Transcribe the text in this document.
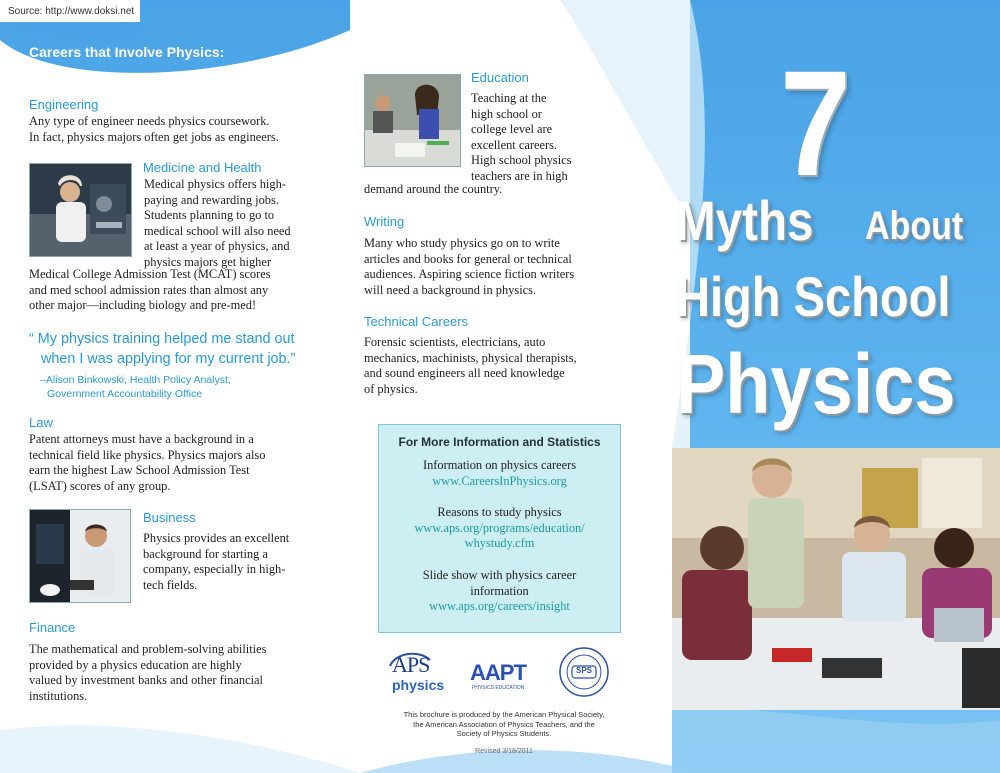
Source: http://www.doksi.net
Careers that Involve Physics:
Engineering
Any type of engineer needs physics coursework.
In fact, physics majors often get jobs as engineers.
Medicine and Health
Medical physics offers high-
paying and rewarding jobs.
Students planning to go to
medical school will also need
at least a year of physics, and
physics majors get higher
Medical College Admission Test (MCAT) scores
and med school admission rates than almost any
other major—including biology and pre-med!
“ My physics training helped me stand out
when I was applying for my current job.”
–Alison Binkowski, Health Policy Analyst,
Government Accountability Office
Law
Patent attorneys must have a background in a
technical field like physics. Physics majors also
earn the highest Law School Admission Test
(LSAT) scores of any group.
Business
Physics provides an excellent
background for starting a
company, especially in high-
tech fields.
Finance
The mathematical and problem-solving abilities
provided by a physics education are highly
valued by investment banks and other financial
institutions.
Education
Teaching at the
high school or
college level are
excellent careers.
High school physics
teachers are in high
demand around the country.
Writing
Many who study physics go on to write
articles and books for general or technical
audiences. Aspiring science fiction writers
will need a background in physics.
Technical Careers
Forensic scientists, electricians, auto
mechanics, machinists, physical therapists,
and sound engineers all need knowledge
of physics.
For More Information and Statistics
Information on physics careers
www.CareersInPhysics.org
Reasons to study physics
www.aps.org/programs/education/
whystudy.cfm
Slide show with physics career
information
www.aps.org/careers/insight
APS
physics AAPT
PHYSICS EDUCATION
SPS
This brochure is produced by the American Physical Society,
the American Association of Physics Teachers, and the
Society of Physics Students.
Revised 3/18/2011
7
Myths About
High School
Physics
